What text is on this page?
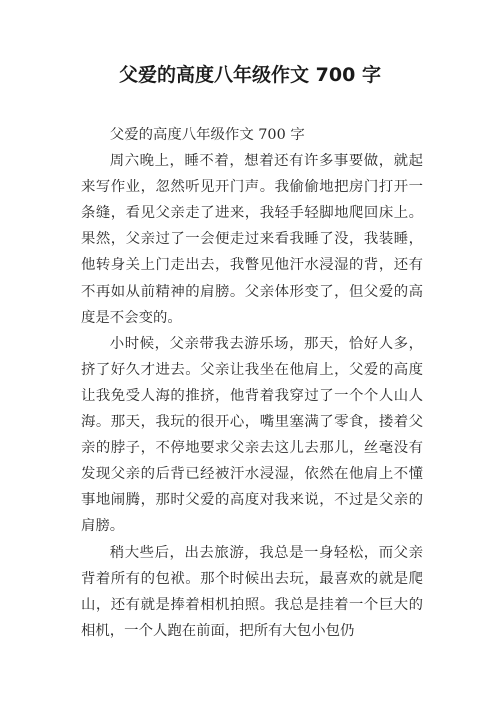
父爱的高度八年级作文 700 字

父爱的高度八年级作文 700 字

周六晚上，睡不着，想着还有许多事要做，就起来写作业，忽然听见开门声。我偷偷地把房门打开一条缝，看见父亲走了进来，我轻手轻脚地爬回床上。果然，父亲过了一会便走过来看我睡了没，我装睡，他转身关上门走出去，我瞥见他汗水浸湿的背，还有不再如从前精神的肩膀。父亲体形变了，但父爱的高度是不会变的。

小时候，父亲带我去游乐场，那天，恰好人多，挤了好久才进去。父亲让我坐在他肩上，父爱的高度让我免受人海的推挤，他背着我穿过了一个个人山人海。那天，我玩的很开心，嘴里塞满了零食，搂着父亲的脖子，不停地要求父亲去这儿去那儿，丝毫没有发现父亲的后背已经被汗水浸湿，依然在他肩上不懂事地闹腾，那时父爱的高度对我来说，不过是父亲的肩膀。

稍大些后，出去旅游，我总是一身轻松，而父亲背着所有的包袱。那个时候出去玩，最喜欢的就是爬山，还有就是捧着相机拍照。我总是挂着一个巨大的相机，一个人跑在前面，把所有大包小包仍
